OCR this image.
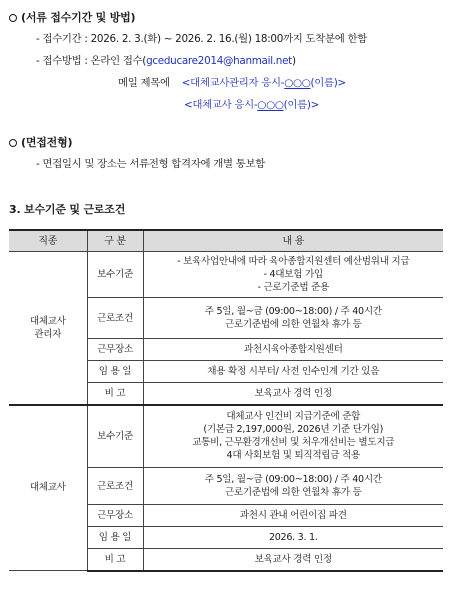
(서류 접수기간 및 방법)
- 접수기간 : 2026. 2. 3.(화) ~ 2026. 2. 16.(월) 18:00까지 도착분에 한함
- 접수방법 : 온라인 접수(gceducare2014@hanmail.net)
메일 제목에 <대체교사관리자 응시-○○○(이름)>
<대체교사 응시-○○○(이름)>
(면접전형)
- 면접일시 및 장소는 서류전형 합격자에 개별 통보함
3. 보수기준 및 근로조건
직종	구 분	내 용

대체교사
관리자	보수기준	- 보육사업안내에 따라 육아종합지원센터 예산범위내 지급
- 4대보험 가입
- 근로기준법 준용

	근로조건	주 5일, 월~금 (09:00~18:00) / 주 40시간
근로기준법에 의한 연월차 휴가 등

	근무장소	과천시육아종합지원센터
	임 용 일	채용 확정 시부터/ 사전 인수인계 기간 있음
	비 고	보육교사 경력 인정
대체교사	보수기준	대체교사 인건비 지급기준에 준함
(기본급 2,197,000원, 2026년 기준 단가임)
교통비, 근무환경개선비 및 처우개선비는 별도지급
4대 사회보험 및 퇴직적립금 적용

	근로조건	주 5일, 월~금 (09:00~18:00) / 주 40시간
근로기준법에 의한 연월차 휴가 등

	근무장소	과천시 관내 어린이집 파견
	임 용 일	2026. 3. 1.
	비 고	보육교사 경력 인정
